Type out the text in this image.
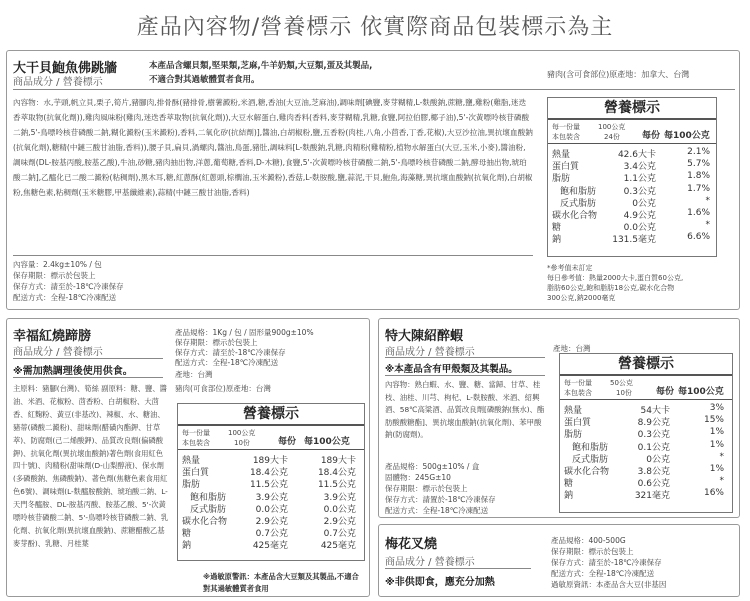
產品內容物/營養標示 依實際商品包裝標示為主
大干貝鮑魚佛跳牆	本產品含螺貝類,堅果類,芝麻,牛羊奶類,大豆類,蛋及其製品,
不適合對其過敏體質者食用。
商品成分 / 營養標示
豬肉(含可食部位)原產地：加拿大、台灣
內容物：水,芋頭,帆立貝,栗子,筍片,豬腳肉,排骨酥(豬排骨,樹薯澱粉,米酒,糖,香油(大豆油,芝麻油),調味劑[碘鹽,麥芽糊精,L-麩酸鈉,蔗糖,鹽,雞粉(雞脂,迷迭香萃取物(抗氧化劑)),雞肉風味粉(雞肉,迷迭香萃取物(抗氧化劑)),大豆水解蛋白,雞肉香料(香料,麥芽糊精,乳糖,食鹽,阿拉伯膠,椰子油),5'-次黃嘌呤核苷磷酸二鈉,5'-鳥嘌呤核苷磷酸二鈉,糊化澱粉(玉米澱粉),香料,二氧化矽(抗結劑)],醬油,白胡椒粉,鹽,五香粉(肉桂,八角,小茴香,丁香,花椒),大豆沙拉油,異抗壞血酸鈉(抗氧化劑),糖精(中鏈三酸甘油脂,香料)),腰子貝,扁貝,渦螺肉,醬油,鳥蛋,豬肚,調味料[L-麩酸鈉,乳糖,肉精粉(雞精粉,植物水解蛋白(大豆,玉米,小麥),醬油粉,調味劑(DL-胺基丙酸,胺基乙酸),牛油,砂糖,豬肉抽出物,洋蔥,葡萄糖,香料,D-木糖),食鹽,5'-次黃嘌呤核苷磷酸二鈉,5'-鳥嘌呤核苷磷酸二鈉,酵母抽出物,琥珀酸二鈉],乙醯化已二酸二澱粉(粘稠劑),黑木耳,糖,紅蔥酥(紅蔥頭,棕櫚油,玉米澱粉),香菇,L-麩胺酸,鹽,蒜泥,干貝,鮑魚,海藻糖,異抗壞血酸鈉(抗氧化劑),白胡椒粉,焦糖色素,粘稠劑(玉米糖膠,甲基纖維素),蒜精(中鏈三酸甘油脂,香料)
內容量：2.4kg±10% / 包
保存期限：標示於包裝上
保存方式：請至於-18℃冷凍保存
配送方式：全程-18℃冷凍配送
營養標示
每一份量	100公克
本包裝含	24份 每份 每100公克
熱量	42.6大卡	2.1%
蛋白質	3.4公克	5.7%
脂肪	1.1公克	1.8%
飽和脂肪	0.3公克	1.7%
反式脂肪	0公克	*
碳水化合物	4.9公克	1.6%
糖	0.0公克	*
鈉	131.5毫克	6.6%
*參考值未訂定
每日參考值：熱量2000大卡,蛋白質60公克,
脂肪60公克,飽和脂肪18公克,碳水化合物
300公克,鈉2000毫克
幸福紅燒蹄膀
商品成分 / 營養標示
※需加熱調理後使用供食。
產品規格：1Kg / 包 / 固形量900g±10%
保存期限：標示於包裝上
保存方式：請至於-18℃冷凍保存
配送方式：全程-18℃冷凍配送
產地：台灣
豬肉(可食部位)原產地：台灣
主原料：豬腳(台灣)、筍絲 副原料：糖、鹽、醬油、米酒、花椒粉、茴香粉、白胡椒粉、大茴香、紅麴粉、黃豆(非基改)、辣椒、水、糖油、豬蒂(磷酸二澱粉)、甜味劑(醋磺內酯鉀、甘草萃)、防腐劑(己二烯酸鉀)、品質改良劑(偏磷酸鉀)、抗氧化劑(異抗壞血酸鈉)著色劑(食用紅色四十號)、肉精粉(甜味劑(D-山梨醇液)、保水劑(多磷酸鈉、焦磷酸鈉)、著色劑(焦糖色素食用紅色6號)、調味劑(L-麩醯胺酸鈉、琥珀酸二鈉、L-天門冬醯胺、DL-胺基丙酸、胺基乙酸、5'-次黃嘌呤核苷磷酸二鈉、5'-鳥嘌呤核苷磷酸二鈉、乳化劑、抗氧化劑(異抗壞血酸鈉)、蔗糖醋酸乙基麥芽酚)、乳糖、月桂葉
營養標示
每一份量	100公克
本包裝含	10份	每份 每100公克
熱量	189大卡	189大卡
蛋白質	18.4公克	18.4公克
脂肪	11.5公克	11.5公克
飽和脂肪	3.9公克	3.9公克
反式脂肪	0.0公克	0.0公克
碳水化合物	2.9公克	2.9公克
糖	0.7公克	0.7公克
鈉	425毫克	425毫克
※過敏原警訊：本產品含大豆類及其製品,不適合對其過敏體質者食用
特大陳紹醉蝦
商品成分 / 營養標示	產地：台灣
※本產品含有甲殼類及其製品。
內容物：熟白蝦、水、鹽、糖、當歸、甘草、桂枝、油桂、川芎、枸杞、L-麩胺酸、米酒、紹興酒、58℃高粱酒、品質改良劑[磷酸鈉(無水)、酯肪酸酸糖酯]、異抗壞血酸鈉(抗氧化劑)、苯甲酸鈉(防腐劑)。
產品規格：500g±10% / 盒
固體物：245G±10
保存期限：標示於包裝上
保存方式：請置於-18℃冷凍保存
配送方式：全程-18℃冷凍配送
營養標示
每一份量	50公克
本包裝含	10份	每份 每100公克
熱量	54大卡	3%
蛋白質	8.9公克	15%
脂肪	0.3公克	1%
飽和脂肪	0.1公克	1%
反式脂肪	0公克	*
碳水化合物	3.8公克	1%
糖	0.6公克	*
鈉	321毫克	16%
梅花叉燒
商品成分 / 營養標示
※非供即食，應充分加熱
產品規格：400-500G
保存期限：標示於包裝上
保存方式：請至於-18℃冷凍保存
配送方式：全程-18℃冷凍配送
過敏原資訊：本產品含大豆(非基因
